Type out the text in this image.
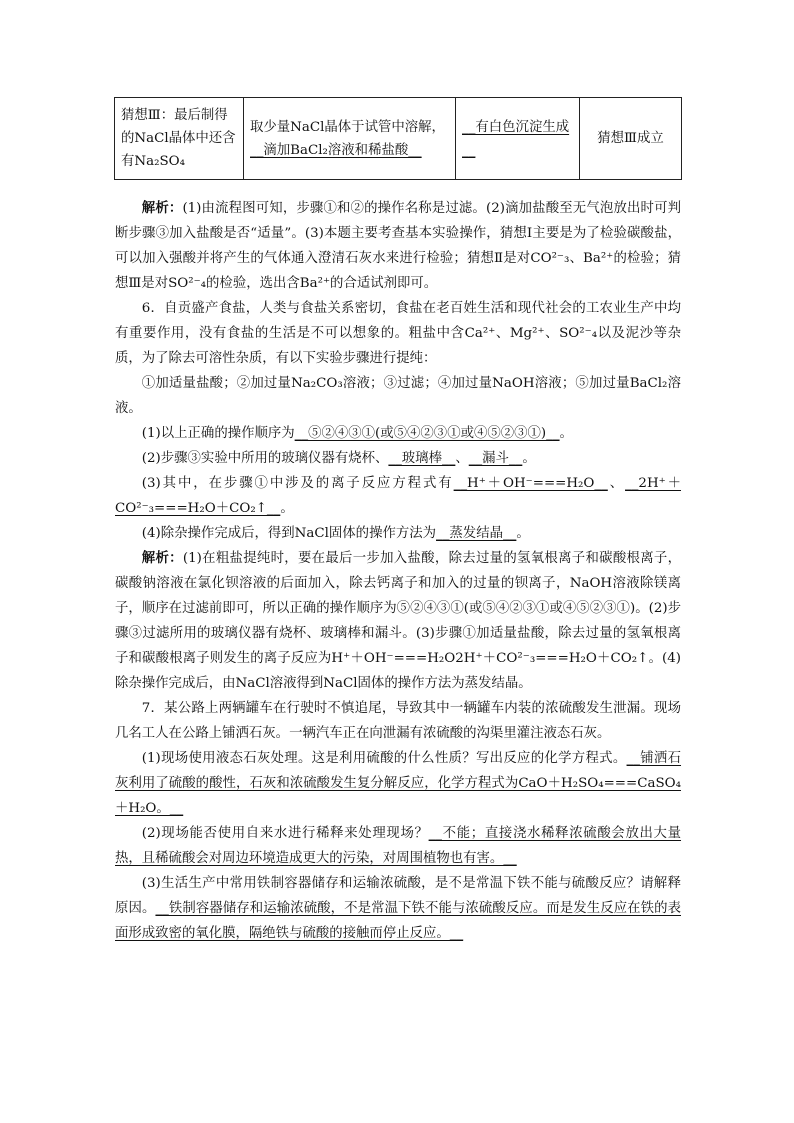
猜想Ⅲ：最后制得的NaCl晶体中还含有Na₂SO₄	取少量NaCl晶体于试管中溶解，
__滴加BaCl₂溶液和稀盐酸__	__有白色沉淀生成__	猜想Ⅲ成立

解析：(1)由流程图可知，步骤①和②的操作名称是过滤。(2)滴加盐酸至无气泡放出时可判断步骤③加入盐酸是否“适量”。(3)本题主要考查基本实验操作，猜想Ⅰ主要是为了检验碳酸盐，可以加入强酸并将产生的气体通入澄清石灰水来进行检验；猜想Ⅱ是对CO²⁻₃、Ba²⁺的检验；猜想Ⅲ是对SO²⁻₄的检验，选出含Ba²⁺的合适试剂即可。

6．自贡盛产食盐，人类与食盐关系密切，食盐在老百姓生活和现代社会的工农业生产中均有重要作用，没有食盐的生活是不可以想象的。粗盐中含Ca²⁺、Mg²⁺、SO²⁻₄以及泥沙等杂质，为了除去可溶性杂质，有以下实验步骤进行提纯：

①加适量盐酸；②加过量Na₂CO₃溶液；③过滤；④加过量NaOH溶液；⑤加过量BaCl₂溶液。

(1)以上正确的操作顺序为__⑤②④③①(或⑤④②③①或④⑤②③①)__。

(2)步骤③实验中所用的玻璃仪器有烧杯、__玻璃棒__、__漏斗__。

(3)其中，在步骤①中涉及的离子反应方程式有__H⁺＋OH⁻===H₂O__、__2H⁺＋CO²⁻₃===H₂O＋CO₂↑__。

(4)除杂操作完成后，得到NaCl固体的操作方法为__蒸发结晶__。

解析：(1)在粗盐提纯时，要在最后一步加入盐酸，除去过量的氢氧根离子和碳酸根离子，碳酸钠溶液在氯化钡溶液的后面加入，除去钙离子和加入的过量的钡离子，NaOH溶液除镁离子，顺序在过滤前即可，所以正确的操作顺序为⑤②④③①(或⑤④②③①或④⑤②③①)。(2)步骤③过滤所用的玻璃仪器有烧杯、玻璃棒和漏斗。(3)步骤①加适量盐酸，除去过量的氢氧根离子和碳酸根离子则发生的离子反应为H⁺＋OH⁻===H₂O2H⁺＋CO²⁻₃===H₂O＋CO₂↑。(4)除杂操作完成后，由NaCl溶液得到NaCl固体的操作方法为蒸发结晶。

7．某公路上两辆罐车在行驶时不慎追尾，导致其中一辆罐车内装的浓硫酸发生泄漏。现场几名工人在公路上铺洒石灰。一辆汽车正在向泄漏有浓硫酸的沟渠里灌注液态石灰。

(1)现场使用液态石灰处理。这是利用硫酸的什么性质？写出反应的化学方程式。__铺洒石灰利用了硫酸的酸性，石灰和浓硫酸发生复分解反应，化学方程式为CaO＋H₂SO₄===CaSO₄＋H₂O。__

(2)现场能否使用自来水进行稀释来处理现场？__不能；直接浇水稀释浓硫酸会放出大量热，且稀硫酸会对周边环境造成更大的污染，对周围植物也有害。__

(3)生活生产中常用铁制容器储存和运输浓硫酸，是不是常温下铁不能与硫酸反应？请解释原因。__铁制容器储存和运输浓硫酸，不是常温下铁不能与浓硫酸反应。而是发生反应在铁的表面形成致密的氧化膜，隔绝铁与硫酸的接触而停止反应。__
